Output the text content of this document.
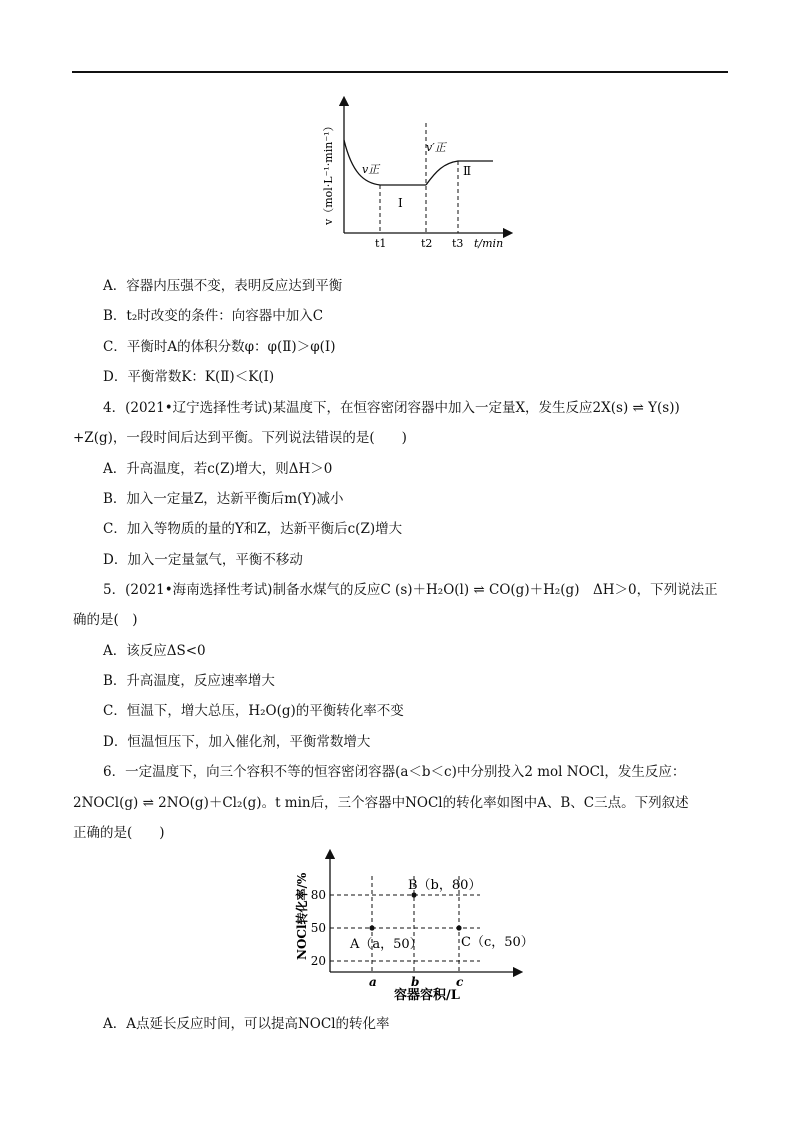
v（mol·L⁻¹·min⁻¹） v正
v′正
Ⅰ
Ⅱ
t1	t2 t3 t/min
A．容器内压强不变，表明反应达到平衡
B．t₂时改变的条件：向容器中加入C
C．平衡时A的体积分数φ：φ(Ⅱ)＞φ(Ⅰ)
D．平衡常数K：K(Ⅱ)＜K(Ⅰ)
4．(2021•辽宁选择性考试)某温度下，在恒容密闭容器中加入一定量X，发生反应2X(s) ⇌ Y(s))
+Z(g)，一段时间后达到平衡。下列说法错误的是(　　)
A．升高温度，若c(Z)增大，则ΔH＞0
B．加入一定量Z，达新平衡后m(Y)减小
C．加入等物质的量的Y和Z，达新平衡后c(Z)增大
D．加入一定量氩气，平衡不移动
5．(2021•海南选择性考试)制备水煤气的反应C (s)＋H₂O(l) ⇌ CO(g)＋H₂(g)　ΔH＞0，下列说法正
确的是(　)
A．该反应ΔS<0
B．升高温度，反应速率增大
C．恒温下，增大总压，H₂O(g)的平衡转化率不变
D．恒温恒压下，加入催化剂，平衡常数增大
6．一定温度下，向三个容积不等的恒容密闭容器(a＜b＜c)中分别投入2 mol NOCl，发生反应：
2NOCl(g) ⇌ 2NO(g)＋Cl₂(g)。t min后，三个容器中NOCl的转化率如图中A、B、C三点。下列叙述
正确的是(　　)
NOCl转化率/%
容器容积/L
20
50
80
a	b	c
A（a，50）
B（b，80）
C（c，50）
A．A点延长反应时间，可以提高NOCl的转化率
